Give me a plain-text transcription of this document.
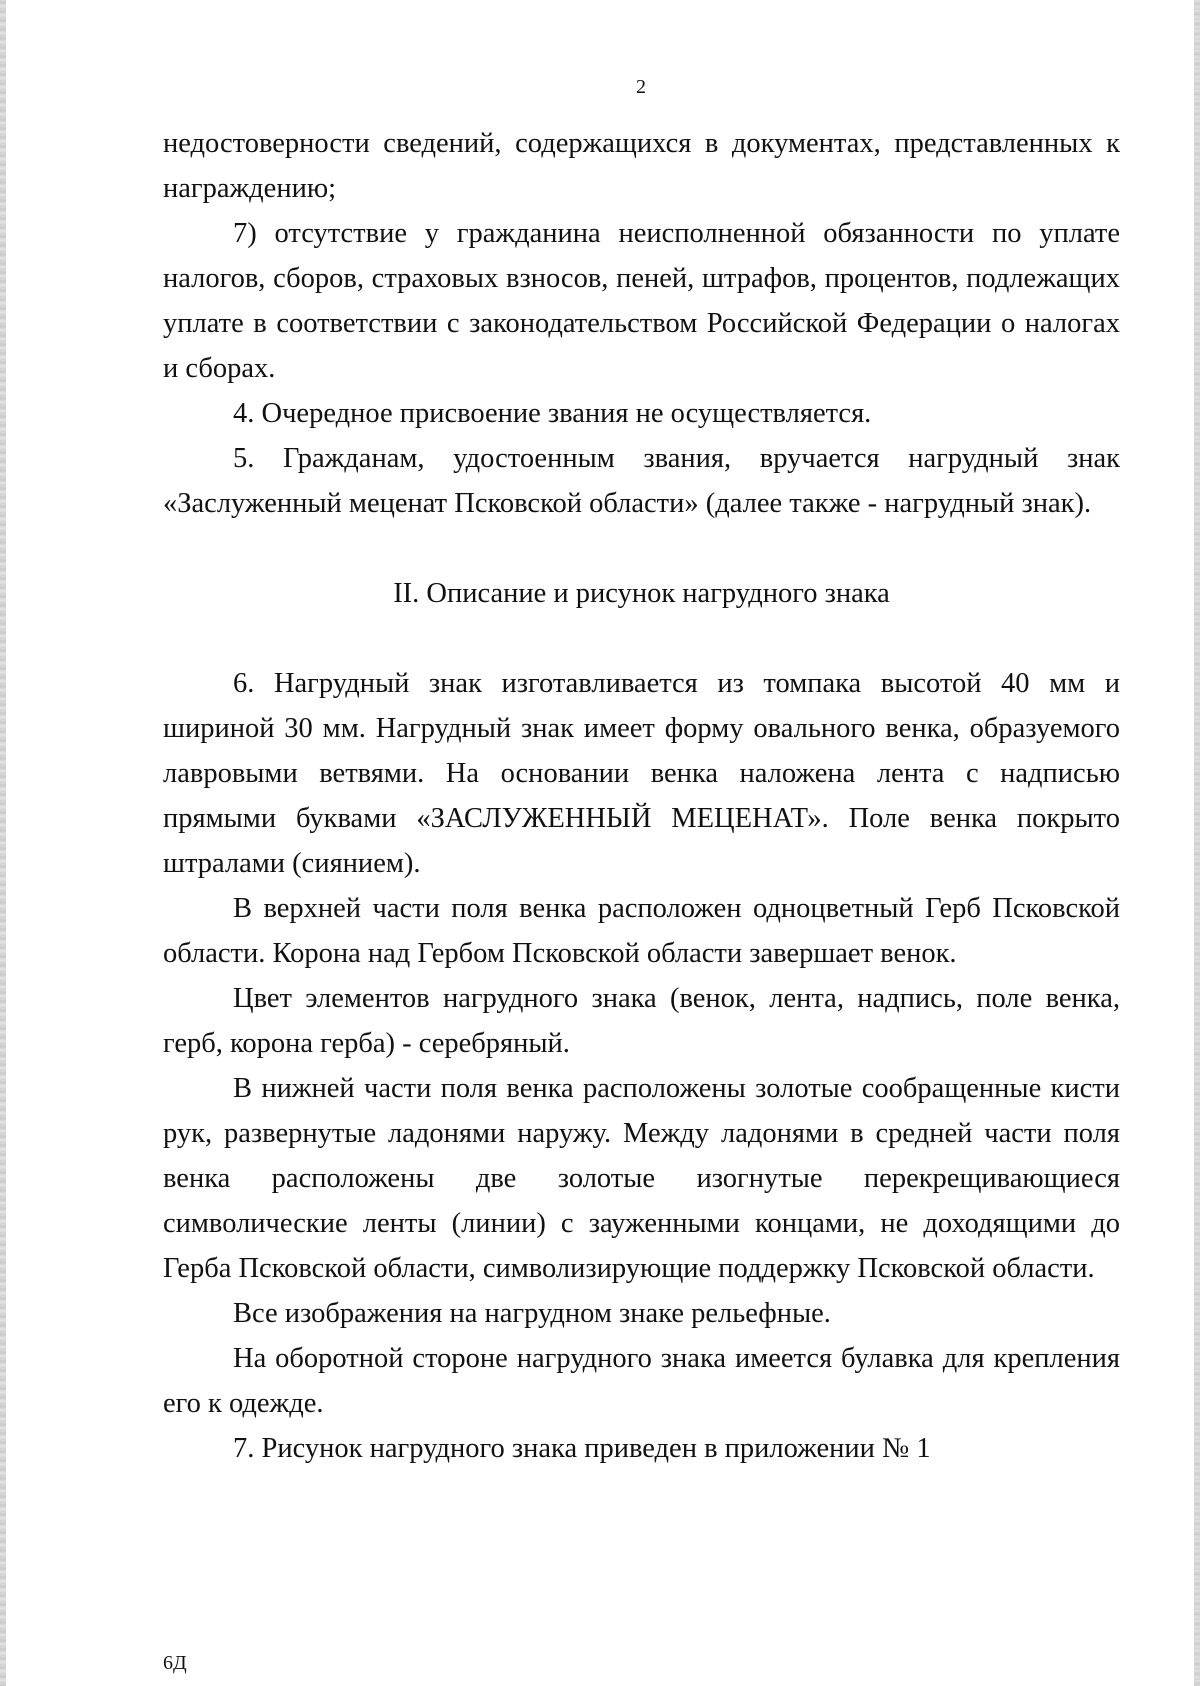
2

недостоверности сведений, содержащихся в документах, представленных к награждению;

7) отсутствие у гражданина неисполненной обязанности по уплате налогов, сборов, страховых взносов, пеней, штрафов, процентов, подлежащих уплате в соответствии с законодательством Российской Федерации о налогах и сборах.

4. Очередное присвоение звания не осуществляется.

5. Гражданам, удостоенным звания, вручается нагрудный знак «Заслуженный меценат Псковской области» (далее также - нагрудный знак).

II. Описание и рисунок нагрудного знака

6. Нагрудный знак изготавливается из томпака высотой 40 мм и шириной 30 мм. Нагрудный знак имеет форму овального венка, образуемого лавровыми ветвями. На основании венка наложена лента с надписью прямыми буквами «ЗАСЛУЖЕННЫЙ МЕЦЕНАТ». Поле венка покрыто штралами (сиянием).

В верхней части поля венка расположен одноцветный Герб Псковской области. Корона над Гербом Псковской области завершает венок.

Цвет элементов нагрудного знака (венок, лента, надпись, поле венка, герб, корона герба) - серебряный.

В нижней части поля венка расположены золотые сообращенные кисти рук, развернутые ладонями наружу. Между ладонями в средней части поля венка расположены две золотые изогнутые перекрещивающиеся символические ленты (линии) с зауженными концами, не доходящими до Герба Псковской области, символизирующие поддержку Псковской области.

Все изображения на нагрудном знаке рельефные.

На оборотной стороне нагрудного знака имеется булавка для крепления его к одежде.

7. Рисунок нагрудного знака приведен в приложении № 1

6Д
